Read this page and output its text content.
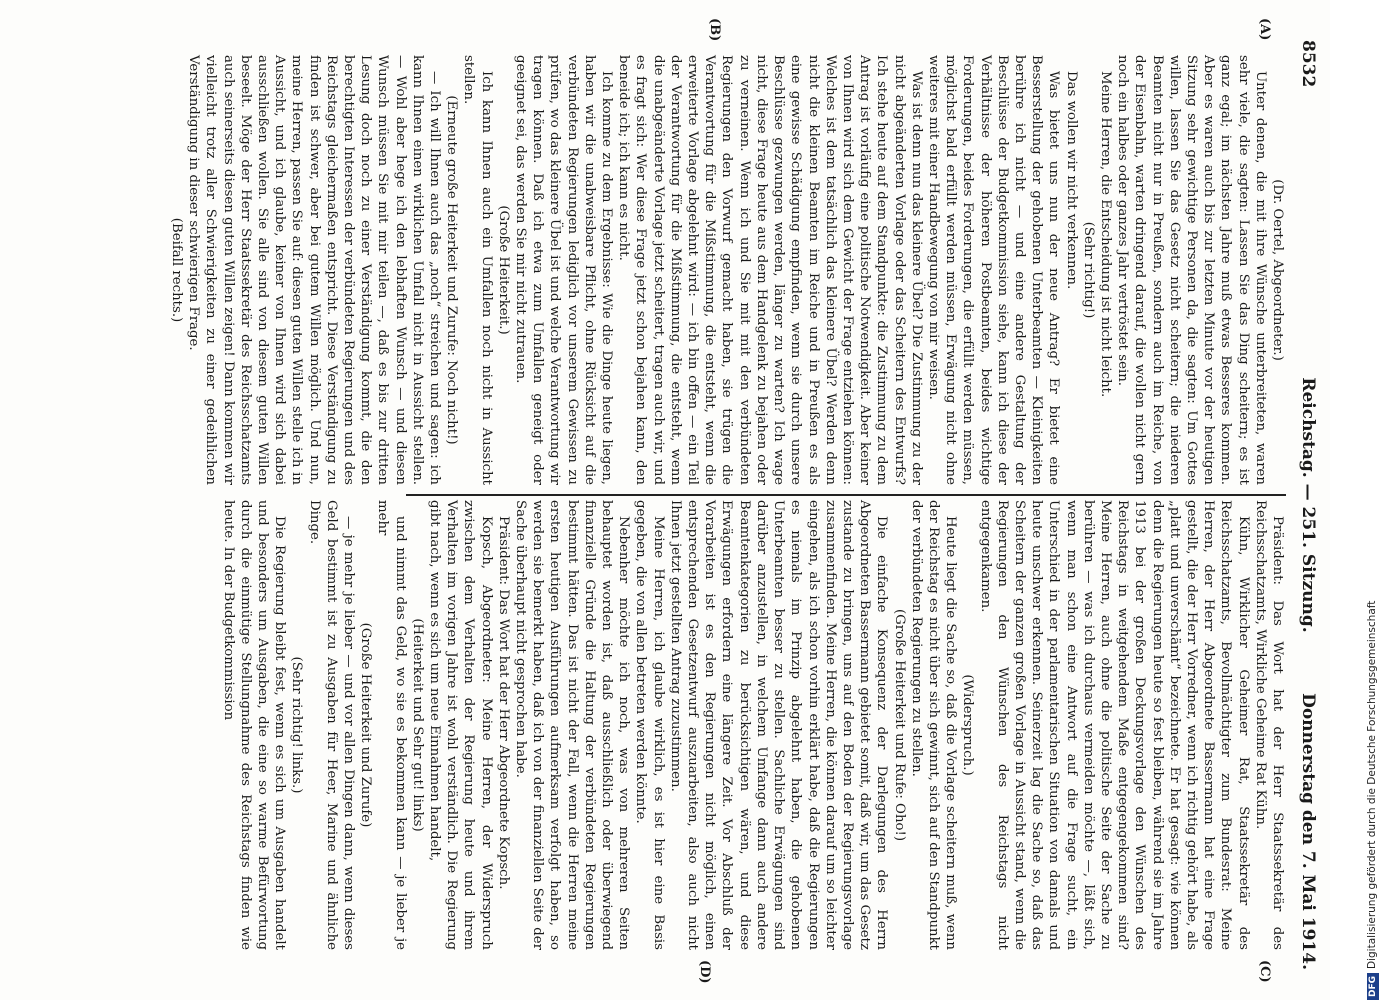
8532
Reichstag. — 251. Sitzung.
Donnerstag den 7. Mai 1914.
(A)
(B)
(C)
(D)

(Dr. Oertel, Abgeordneter.)

Unter denen, die mit ihre Wünsche unterbreiteten, waren sehr viele, die sagten: Lassen Sie das Ding scheitern; es ist ganz egal; im nächsten Jahre muß etwas Besseres kommen. Aber es waren auch bis zur letzten Minute vor der heutigen Sitzung sehr gewichtige Personen da, die sagten: Um Gottes willen, lassen Sie das Gesetz nicht scheitern; die niederen Beamten nicht nur in Preußen, sondern auch im Reiche, von der Eisenbahn, warten dringend darauf, die wollen nicht gern noch ein halbes oder ganzes Jahr vertröstet sein.

Meine Herren, die Entscheidung ist nicht leicht.

(Sehr richtig!)

Das wollen wir nicht verkennen.

Was bietet uns nun der neue Antrag? Er bietet eine Besserstellung der gehobenen Unterbeamten — Kleinigkeiten berühre ich nicht — und eine andere Gestaltung der Beschlüsse der Budgetkommission siehe, kann ich diese der Verhältnisse der höheren Postbeamten, beides wichtige Forderungen, beides Forderungen, die erfüllt werden müssen, möglichst bald erfüllt werden müssen, Erwägung nicht ohne weiteres mit einer Handbewegung von mir weisen.

Was ist denn nun das kleinere Übel? Die Zustimmung zu der nicht abgeänderten Vorlage oder das Scheitern des Entwurfs? Ich stehe heute auf dem Standpunkte: die Zustimmung zu dem Antrag ist vorläufig eine politische Notwendigkeit. Aber keiner von Ihnen wird sich dem Gewicht der Frage entziehen können: Welches ist dem tatsächlich das kleinere Übel? Werden denn nicht die kleinen Beamten im Reiche und in Preußen es als eine gewisse Schädigung empfinden, wenn sie durch unsere Beschlüsse gezwungen werden, länger zu warten? Ich wage nicht, diese Frage heute aus dem Handgelenk zu bejahen oder zu verneinen. Wenn ich und Sie mit mit den verbündeten Regierungen den Vorwurf gemacht haben, sie trügen die Verantwortung für die Mißstimmung, die entsteht, wenn die erweiterte Vorlage abgelehnt wird: — ich bin offen — ein Teil der Verantwortung für die Mißstimmung, die entsteht, wenn die unabgeänderte Vorlage jetzt scheitert, tragen auch wir, und es fragt sich: Wer diese Frage jetzt schon bejahen kann, den beneide ich; ich kann es nicht.

Ich komme zu dem Ergebnisse: Wie die Dinge heute liegen, haben wir die unabweisbare Pflicht, ohne Rücksicht auf die verbündeten Regierungen lediglich vor unserem Gewissen zu prüfen, wo das kleinere Übel ist und welche Verantwortung wir tragen können. Daß ich etwa zum Umfallen geneigt oder geeignet sei, das werden Sie mir nicht zutrauen.

(Große Heiterkeit.)

Ich kann Ihnen auch ein Umfallen noch nicht in Aussicht stellen.

(Erneute große Heiterkeit und Zurufe: Noch nicht!)

— Ich will Ihnen auch das „noch“ streichen und sagen: ich kann Ihnen einen wirklichen Umfall nicht in Aussicht stellen. — Wohl aber hege ich den lebhaften Wunsch — und diesen Wunsch müssen Sie mit mir teilen —, daß es bis zur dritten Lesung doch noch zu einer Verständigung kommt, die den berechtigten Interessen der verbündeten Regierungen und des Reichstags gleichermaßen entspricht. Diese Verständigung zu finden ist schwer, aber bei gutem Willen möglich. Und nun, meine Herren, passen Sie auf: diesen guten Willen stelle ich in Aussicht, und ich glaube, keiner von Ihnen wird sich dabei ausschließen wollen. Sie alle sind von diesem guten Willen beseelt. Möge der Herr Staatssekretär des Reichsschatzamts auch seinerseits diesen guten Willen zeigen! Dann kommen wir vielleicht trotz aller Schwierigkeiten zu einer gedeihlichen Verständigung in dieser schwierigen Frage.

(Beifall rechts.)

Präsident: Das Wort hat der Herr Staatssekretär des Reichsschatzamts, Wirkliche Geheime Rat Kühn.

Kühn, Wirklicher Geheimer Rat, Staatssekretär des Reichsschatzamts, Bevollmächtigter zum Bundesrat: Meine Herren, der Herr Abgeordnete Bassermann hat eine Frage gestellt, die der Herr Vorredner, wenn ich richtig gehört habe, als „platt und unverschämt“ bezeichnete. Er hat gesagt: wie können denn die Regierungen heute so fest bleiben, während sie im Jahre 1913 bei der großen Deckungsvorlage den Wünschen des Reichstags in weitgehendem Maße entgegengekommen sind? Meine Herren, auch ohne die politische Seite der Sache zu berühren — was ich durchaus vermeiden möchte —, läßt sich, wenn man schon eine Antwort auf die Frage sucht, ein Unterschied in der parlamentarischen Situation von damals und heute unschwer erkennen. Seinerzeit lag die Sache so, daß das Scheitern der ganzen großen Vorlage in Aussicht stand, wenn die Regierungen den Wünschen des Reichstags nicht entgegenkamen.

(Widerspruch.)

Heute liegt die Sache so, daß die Vorlage scheitern muß, wenn der Reichstag es nicht über sich gewinnt, sich auf den Standpunkt der verbündeten Regierungen zu stellen.

(Große Heiterkeit und Rufe: Oho!)

Die einfache Konsequenz der Darlegungen des Herrn Abgeordneten Bassermann gebietet somit, daß wir, um das Gesetz zustande zu bringen, uns auf den Boden der Regierungsvorlage zusammenfinden. Meine Herren, die können darauf um so leichter eingehen, als ich schon vorhin erklärt habe, daß die Regierungen es niemals im Prinzip abgelehnt haben, die gehobenen Unterbeamten besser zu stellen. Sachliche Erwägungen sind darüber anzustellen, in welchem Umfange dann auch andere Beamtenkategorien zu berücksichtigen wären, und diese Erwägungen erfordern eine längere Zeit. Vor Abschluß der Vorarbeiten ist es den Regierungen nicht möglich, einen entsprechenden Gesetzentwurf auszuarbeiten, also auch nicht Ihnen jetzt gestellten Antrag zuzustimmen.

Meine Herren, ich glaube wirklich, es ist hier eine Basis gegeben, die von allen betreten werden könnte.

Nebenher möchte ich noch, was von mehreren Seiten behauptet worden ist, daß ausschließlich oder überwiegend finanzielle Gründe die Haltung der verbündeten Regierungen bestimmt hätten. Das ist nicht der Fall, wenn die Herren meine ersten heutigen Ausführungen aufmerksam verfolgt haben, so werden sie bemerkt haben, daß ich von der finanziellen Seite der Sache überhaupt nicht gesprochen habe.

Präsident: Das Wort hat der Herr Abgeordnete Kopsch.

Kopsch, Abgeordneter: Meine Herren, der Widerspruch zwischen dem Verhalten der Regierung heute und ihrem Verhalten im vorigen Jahre ist wohl verständlich. Die Regierung gibt nach, wenn es sich um neue Einnahmen handelt,

(Heiterkeit und Sehr gut! links)

und nimmt das Geld, wo sie es bekommen kann — je lieber je mehr

(Große Heiterkeit und Zurufe)

— je mehr je lieber — und vor allen Dingen dann, wenn dieses Geld bestimmt ist zu Ausgaben für Heer, Marine und ähnliche Dinge.

(Sehr richtig! links.)

Die Regierung bleibt fest, wenn es sich um Ausgaben handelt und besonders um Ausgaben, die eine so warme Befürwortung durch die einmütige Stellungnahme des Reichstags finden wie heute. In der Budgetkommission

DFGDigitalisierung gefördert durch die Deutsche Forschungsgemeinschaft
